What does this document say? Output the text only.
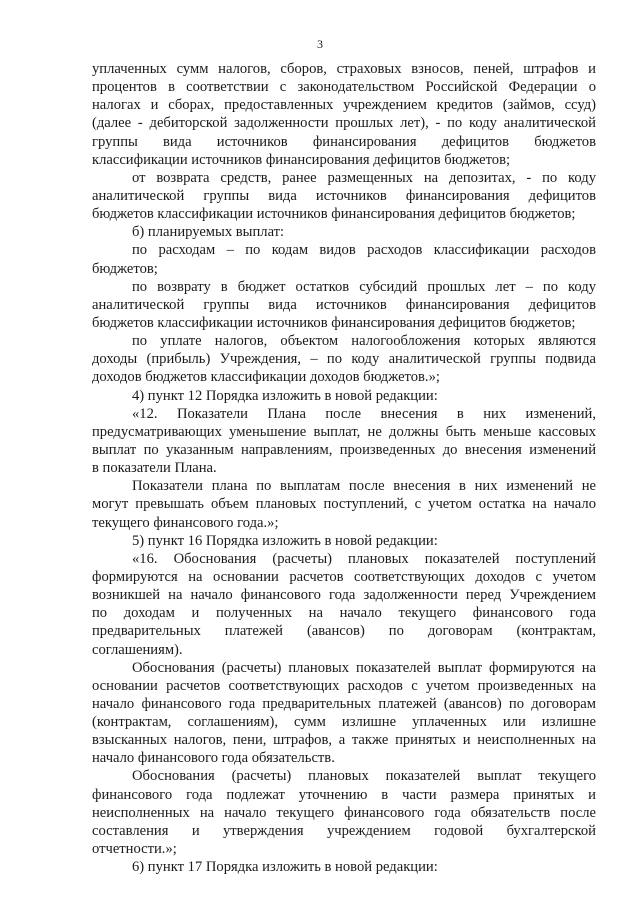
3
уплаченных сумм налогов, сборов, страховых взносов, пеней, штрафов и
процентов в соответствии с законодательством Российской Федерации о
налогах и сборах, предоставленных учреждением кредитов (займов, ссуд)
(далее - дебиторской задолженности прошлых лет), - по коду аналитической
группы вида источников финансирования дефицитов бюджетов
классификации источников финансирования дефицитов бюджетов;
от возврата средств, ранее размещенных на депозитах, - по коду
аналитической группы вида источников финансирования дефицитов
бюджетов классификации источников финансирования дефицитов бюджетов;
б) планируемых выплат:
по расходам – по кодам видов расходов классификации расходов
бюджетов;
по возврату в бюджет остатков субсидий прошлых лет – по коду
аналитической группы вида источников финансирования дефицитов
бюджетов классификации источников финансирования дефицитов бюджетов;
по уплате налогов, объектом налогообложения которых являются
доходы (прибыль) Учреждения, – по коду аналитической группы подвида
доходов бюджетов классификации доходов бюджетов.»;
4) пункт 12 Порядка изложить в новой редакции:
«12. Показатели Плана после внесения в них изменений,
предусматривающих уменьшение выплат, не должны быть меньше кассовых
выплат по указанным направлениям, произведенных до внесения изменений
в показатели Плана.
Показатели плана по выплатам после внесения в них изменений не
могут превышать объем плановых поступлений, с учетом остатка на начало
текущего финансового года.»;
5) пункт 16 Порядка изложить в новой редакции:
«16. Обоснования (расчеты) плановых показателей поступлений
формируются на основании расчетов соответствующих доходов с учетом
возникшей на начало финансового года задолженности перед Учреждением
по доходам и полученных на начало текущего финансового года
предварительных платежей (авансов) по договорам (контрактам,
соглашениям).
Обоснования (расчеты) плановых показателей выплат формируются на
основании расчетов соответствующих расходов с учетом произведенных на
начало финансового года предварительных платежей (авансов) по договорам
(контрактам, соглашениям), сумм излишне уплаченных или излишне
взысканных налогов, пени, штрафов, а также принятых и неисполненных на
начало финансового года обязательств.
Обоснования (расчеты) плановых показателей выплат текущего
финансового года подлежат уточнению в части размера принятых и
неисполненных на начало текущего финансового года обязательств после
составления и утверждения учреждением годовой бухгалтерской
отчетности.»;
6) пункт 17 Порядка изложить в новой редакции:
